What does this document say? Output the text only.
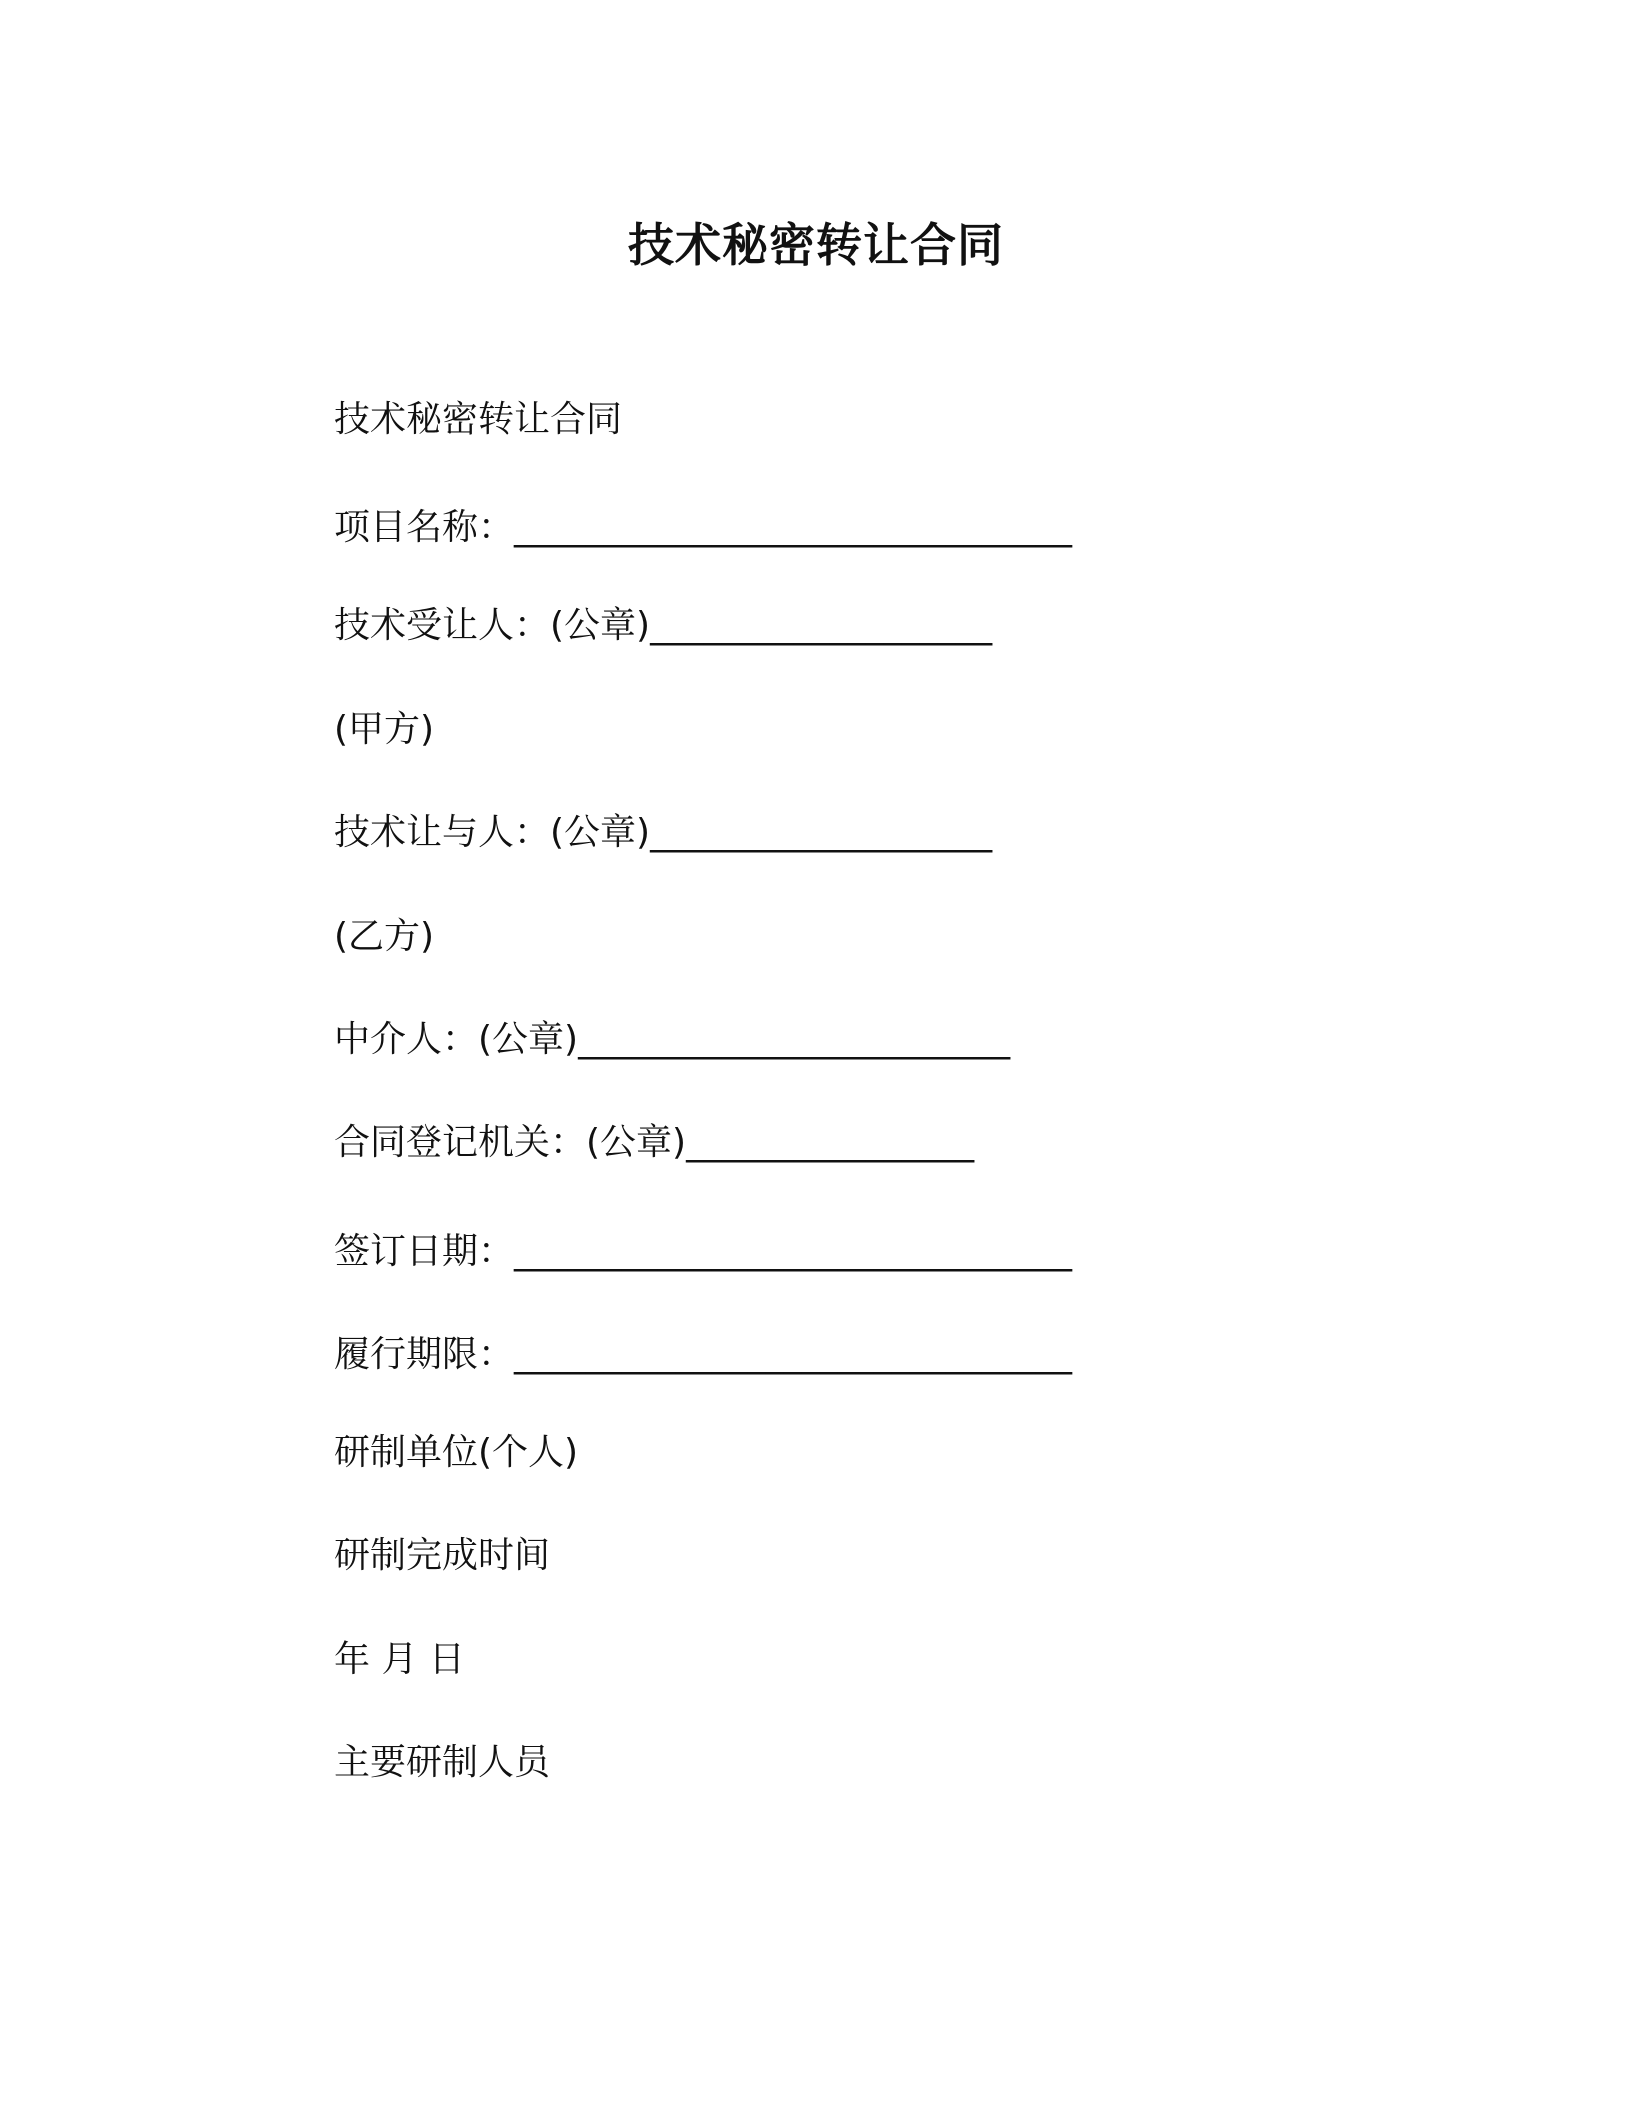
技术秘密转让合同
技术秘密转让合同
项目名称：_______________________________
技术受让人：(公章)___________________
(甲方)
技术让与人：(公章)___________________
(乙方)
中介人：(公章)________________________
合同登记机关：(公章)________________
签订日期：_______________________________
履行期限：_______________________________
研制单位(个人)
研制完成时间
年 月 日
主要研制人员
